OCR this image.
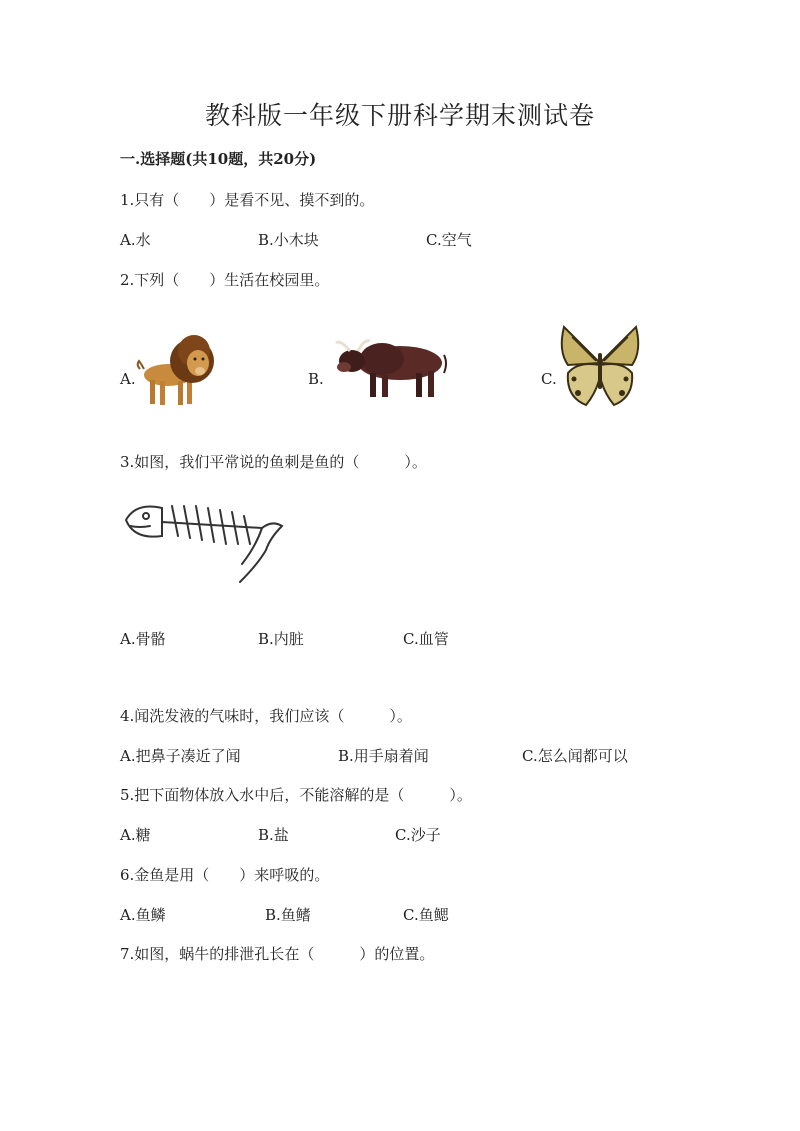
教科版一年级下册科学期末测试卷
一.选择题(共10题，共20分)
1.只有（　　）是看不见、摸不到的。
A.水	B.小木块	C.空气
2.下列（　　）生活在校园里。
A.	B.	C.
3.如图，我们平常说的鱼刺是鱼的（　　　）。
A.骨骼	B.内脏	C.血管
4.闻洗发液的气味时，我们应该（　　　）。
A.把鼻子凑近了闻	B.用手扇着闻	C.怎么闻都可以
5.把下面物体放入水中后，不能溶解的是（　　　）。
A.糖	B.盐	C.沙子
6.金鱼是用（　　）来呼吸的。
A.鱼鳞	B.鱼鳍	C.鱼鳃
7.如图，蜗牛的排泄孔长在（　　　）的位置。
